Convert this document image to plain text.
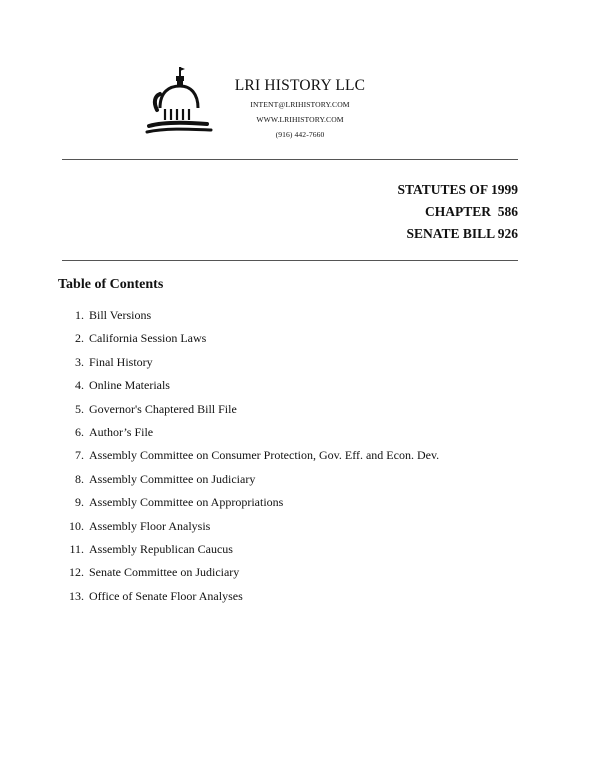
LRI HISTORY LLC
INTENT@LRIHISTORY.COM
WWW.LRIHISTORY.COM
(916) 442-7660
STATUTES OF 1999
CHAPTER  586
SENATE BILL 926
Table of Contents
1. Bill Versions
2. California Session Laws
3. Final History
4. Online Materials
5. Governor's Chaptered Bill File
6. Author’s File
7. Assembly Committee on Consumer Protection, Gov. Eff. and Econ. Dev.
8. Assembly Committee on Judiciary
9. Assembly Committee on Appropriations
10. Assembly Floor Analysis
11. Assembly Republican Caucus
12. Senate Committee on Judiciary
13. Office of Senate Floor Analyses
